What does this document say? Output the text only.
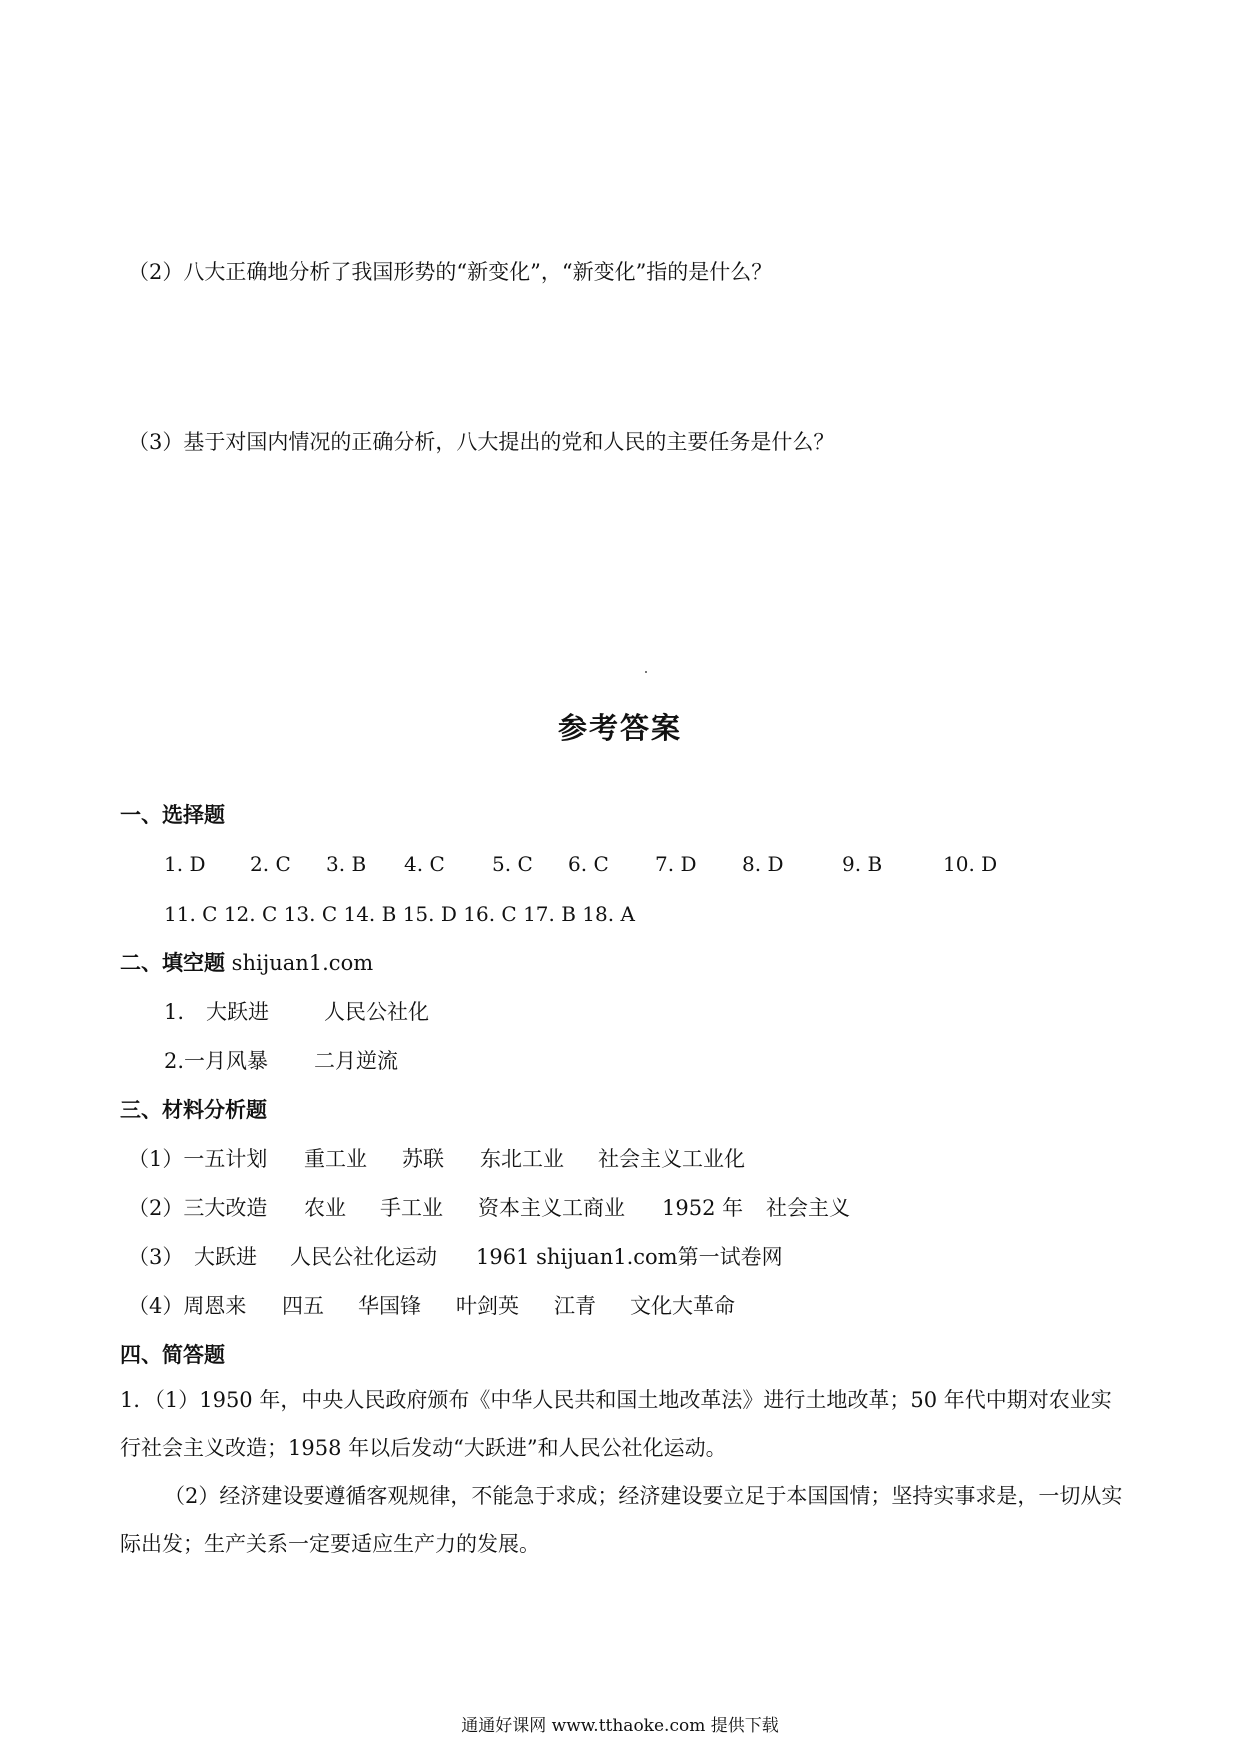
（2）八大正确地分析了我国形势的“新变化”，“新变化”指的是什么？
（3）基于对国内情况的正确分析，八大提出的党和人民的主要任务是什么？
参考答案
一、选择题
1. D 2. C 3. B 4. C 5. C 6. C 7. D 8. D	9. B	10. D
11. C 12. C 13. C 14. B 15. D 16. C 17. B 18. A
二、填空题 shijuan1.com
1. 大跃进	人民公社化
2.一月风暴 二月逆流
三、材料分析题
（1）一五计划 重工业 苏联 东北工业 社会主义工业化
（2）三大改造 农业 手工业 资本主义工商业 1952 年 社会主义
（3） 大跃进 人民公社化运动 1961 shijuan1.com第一试卷网
（4）周恩来 四五 华国锋 叶剑英 江青 文化大革命
四、简答题
1．（1）1950 年，中央人民政府颁布《中华人民共和国土地改革法》进行土地改革；50 年代中期对农业实行社会主义改造；1958 年以后发动“大跃进”和人民公社化运动。
（2）经济建设要遵循客观规律，不能急于求成；经济建设要立足于本国国情；坚持实事求是，一切从实际出发；生产关系一定要适应生产力的发展。
通通好课网 www.tthaoke.com 提供下载
